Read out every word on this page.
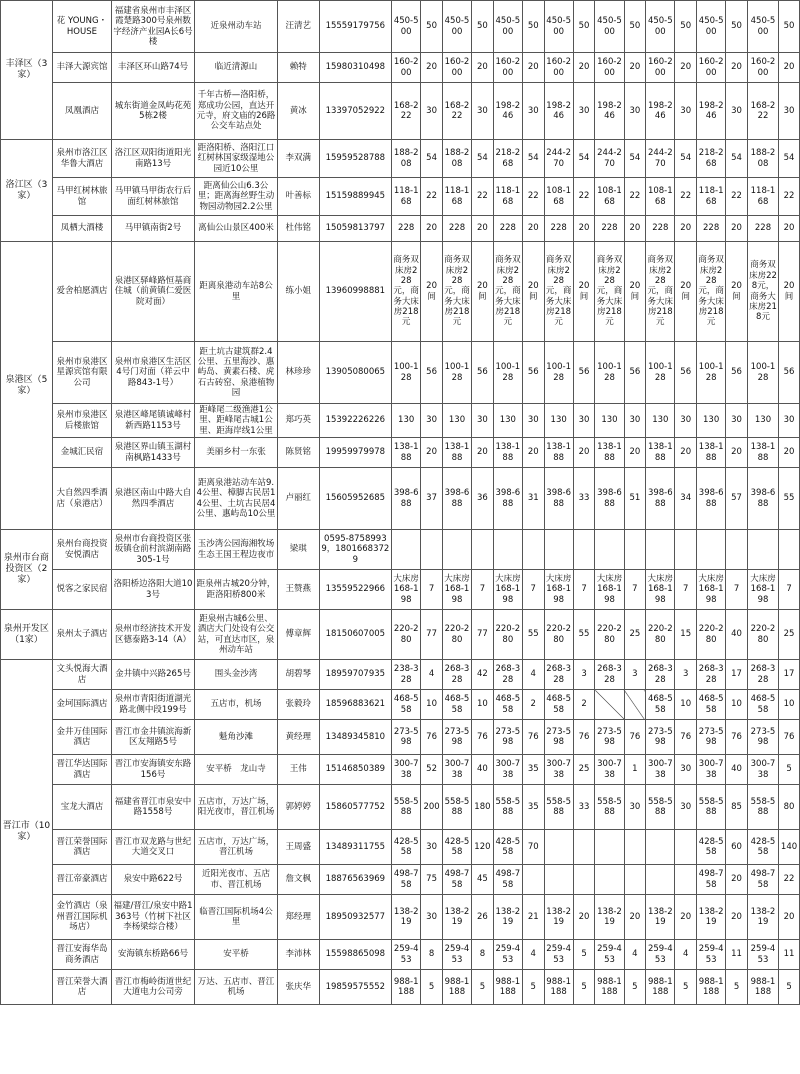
丰泽区（3家）	花 YOUNG・HOUSE	福建省泉州市丰泽区霞楚路300号泉州数字经济产业园A长6号楼	近泉州动车站	汪清艺	15559179756	450-500	50	450-500	50	450-500	50	450-500	50	450-500	50	450-500	50	450-500	50	450-500	50
	丰泽大源宾馆	丰泽区环山路74号	临近清源山	赖特	15980310498	160-200	20	160-200	20	160-200	20	160-200	20	160-200	20	160-200	20	160-200	20	160-200	20
	凤凰酒店	城东街道金凤屿花苑5栋2楼	千年古桥—洛阳桥，郑成功公园，直达开元寺，府文庙的26路公交车站点处	黄冰	13397052922	168-222	30	168-222	30	198-246	30	198-246	30	198-246	30	198-246	30	198-246	30	168-222	30
洛江区（3家）	泉州市洛江区华鲁大酒店	洛江区双阳街道阳光南路13号	距洛阳桥、洛阳江口红树林国家级湿地公园近10公里	李双满	15959528788	188-208	54	188-208	54	218-268	54	244-270	54	244-270	54	244-270	54	218-268	54	188-208	54
	马甲红树林旅馆	马甲镇马甲街农行后面红树林旅馆	距离仙公山6.3公里；距离海丝野生动物园动物园2.2公里	叶善标	15159889945	118-168	22	118-168	22	118-168	22	108-168	22	108-168	22	108-168	22	118-168	22	118-168	22
	凤栖大酒楼	马甲镇南街2号	离仙公山景区400米	杜伟铭	15059813797	228	20	228	20	228	20	228	20	228	20	228	20	228	20	228	20
泉港区（5家）	爱舍柏愿酒店	泉港区驿峰路恒基商住城（前黄镇仁爱医院对面）	距离泉港动车站8公里	练小姐	13960998881	商务双床房228元，商务大床房218元	20间	商务双床房228元，商务大床房218元	20间	商务双床房228元，商务大床房218元	20间	商务双床房228元，商务大床房218元	20间	商务双床房228元，商务大床房218元	20间	商务双床房228元，商务大床房218元	20间	商务双床房228元，商务大床房218元	20间	商务双床房228元，商务大床房218元	20间
	泉州市泉港区星源宾馆有限公司	泉州市泉港区生活区4号门对面（祥云中路843-1号）	距土坑古建筑群2.4公里、五里海沙、惠屿岛、黄素石楼、虎石古砖窑、泉港植物园	林珍珍	13905080065	100-128	56	100-128	56	100-128	56	100-128	56	100-128	56	100-128	56	100-128	56	100-128	56
	泉州市泉港区后楼旅馆	泉港区峰尾镇诚峰村新西路1153号	距峰尾二级渔港1公里、距峰尾古城1公里、距海岸线1公里	郑巧英	15392226226	130	30	130	30	130	30	130	30	130	30	130	30	130	30	130	30
	金城汇民宿	泉港区界山镇玉湖村南枫路1433号	美丽乡村一东张	陈贤铭	19959979978	138-188	20	138-188	20	138-188	20	138-188	20	138-188	20	138-188	20	138-188	20	138-188	20
	大自然四季酒店（泉港店）	泉港区南山中路大自然四季酒店	距离泉港站动车站9.4公里、樟脚古民居14公里、土坑古民居4公里、惠屿岛10公里	卢丽红	15605952685	398-688	37	398-688	36	398-688	31	398-688	33	398-688	51	398-688	34	398-688	57	398-688	55
泉州市台商投资区（2家）	泉州台商投资安悦酒店	泉州市台商投资区张坂镇仓前村滨湖南路305-1号	玉沙湾公园海湘牧场生态王国王程边夜市	梁琪	0595-87589939，18016683729																
	悦客之家民宿	洛阳桥边洛阳大道103号	距泉州古城20分钟，距洛阳桥800米	王赞燕	13559522966	大床房168-198	7	大床房168-198	7	大床房168-198	7	大床房168-198	7	大床房168-198	7	大床房168-198	7	大床房168-198	7	大床房168-198	7
泉州开发区（1家）	泉州太子酒店	泉州市经济技术开发区德泰路3-14（A）	距泉州古城6公里、酒店大门处设有公交站，可直达市区，泉州动车站	傅章辉	18150607005	220-280	77	220-280	77	220-280	55	220-280	55	220-280	25	220-280	15	220-280	40	220-280	25
晋江市（10家）	文头悦海大酒店	金井镇中兴路265号	围头金沙湾	胡碧琴	18959707935	238-328	4	268-328	42	268-328	4	268-328	3	268-328	3	268-328	3	268-328	17	268-328	17
	金坷国际酒店	泉州市青阳街道湖光路北侧中段199号	五店市，机场	张毅玲	18596883621	468-558	10	468-558	10	468-558	2	468-558	2			468-558	10	468-558	10	468-558	10
	金井万佳国际酒店	晋江市金井镇滨海新区友翔路5号	魁角沙滩	黄经理	13489345810	273-598	76	273-598	76	273-598	76	273-598	76	273-598	76	273-598	76	273-598	76	273-598	76
	晋江华达国际酒店	晋江市安海镇安东路156号	安平桥　龙山寺	王伟	15146850389	300-738	52	300-738	40	300-738	35	300-738	25	300-738	1	300-738	30	300-738	40	300-738	5
	宝龙大酒店	福建省晋江市泉安中路1558号	五店市，万达广场，阳光夜市，晋江机场	郭婷婷	15860577752	558-588	200	558-588	180	558-588	35	558-588	33	558-588	30	558-588	30	558-588	85	558-588	80
	晋江荣誉国际酒店	晋江市双龙路与世纪大道交叉口	五店市，万达广场，晋江机场	王周盛	13489311755	428-558	30	428-558	120	428-558	70							428-558	60	428-558	140
	晋江帝豪酒店	泉安中路622号	近阳光夜市、五店市、晋江机场	詹文枫	18876563969	498-758	75	498-758	45	498-758								498-758	20	498-758	22
	金竹酒店（泉州晋江国际机场店）	福建/晋江/泉安中路1363号（竹树下社区李杨梁综合楼）	临晋江国际机场4公里	郑经理	18950932577	138-219	30	138-219	26	138-219	21	138-219	20	138-219	20	138-219	20	138-219	20	138-219	20
	晋江安海华岛商务酒店	安海镇东桥路66号	安平桥	李沛林	15598865098	259-453	8	259-453	8	259-453	4	259-453	5	259-453	4	259-453	4	259-453	11	259-453	11
	晋江荣誉大酒店	晋江市梅岭街道世纪大道电力公司旁	万达、五店市、晋江机场	张庆华	19859575552	988-1188	5	988-1188	5	988-1188	5	988-1188	5	988-1188	5	988-1188	5	988-1188	5	988-1188	5
